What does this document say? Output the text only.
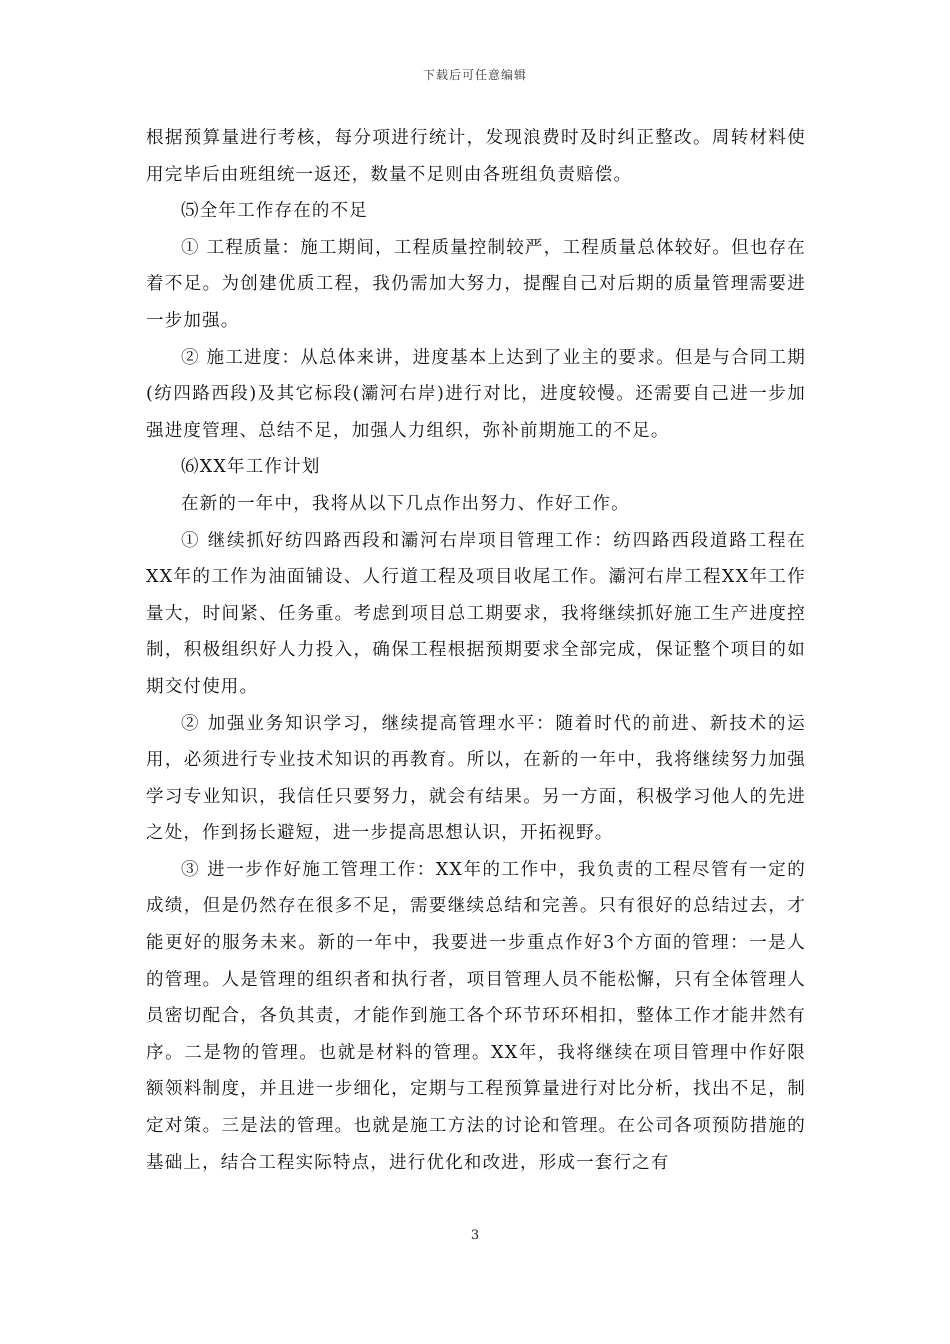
下载后可任意编辑

根据预算量进行考核，每分项进行统计，发现浪费时及时纠正整改。周转材料使用完毕后由班组统一返还，数量不足则由各班组负责赔偿。

⑸全年工作存在的不足

① 工程质量：施工期间，工程质量控制较严，工程质量总体较好。但也存在着不足。为创建优质工程，我仍需加大努力，提醒自己对后期的质量管理需要进一步加强。

② 施工进度：从总体来讲，进度基本上达到了业主的要求。但是与合同工期(纺四路西段)及其它标段(灞河右岸)进行对比，进度较慢。还需要自己进一步加强进度管理、总结不足，加强人力组织，弥补前期施工的不足。

⑹XX年工作计划

在新的一年中，我将从以下几点作出努力、作好工作。

① 继续抓好纺四路西段和灞河右岸项目管理工作：纺四路西段道路工程在XX年的工作为油面铺设、人行道工程及项目收尾工作。灞河右岸工程XX年工作量大，时间紧、任务重。考虑到项目总工期要求，我将继续抓好施工生产进度控制，积极组织好人力投入，确保工程根据预期要求全部完成，保证整个项目的如期交付使用。

② 加强业务知识学习，继续提高管理水平：随着时代的前进、新技术的运用，必须进行专业技术知识的再教育。所以，在新的一年中，我将继续努力加强学习专业知识，我信任只要努力，就会有结果。另一方面，积极学习他人的先进之处，作到扬长避短，进一步提高思想认识，开拓视野。

③ 进一步作好施工管理工作：XX年的工作中，我负责的工程尽管有一定的成绩，但是仍然存在很多不足，需要继续总结和完善。只有很好的总结过去，才能更好的服务未来。新的一年中，我要进一步重点作好3个方面的管理：一是人的管理。人是管理的组织者和执行者，项目管理人员不能松懈，只有全体管理人员密切配合，各负其责，才能作到施工各个环节环环相扣，整体工作才能井然有序。二是物的管理。也就是材料的管理。XX年，我将继续在项目管理中作好限额领料制度，并且进一步细化，定期与工程预算量进行对比分析，找出不足，制定对策。三是法的管理。也就是施工方法的讨论和管理。在公司各项预防措施的基础上，结合工程实际特点，进行优化和改进，形成一套行之有

3
